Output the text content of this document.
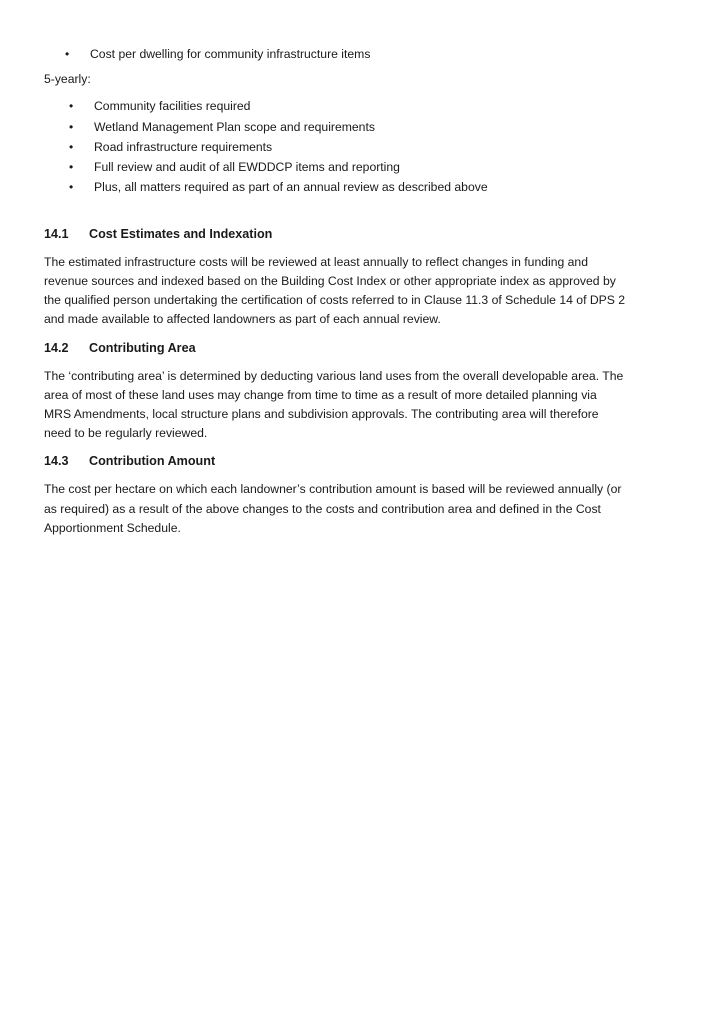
• Cost per dwelling for community infrastructure items

5-yearly:

• Community facilities required
• Wetland Management Plan scope and requirements
• Road infrastructure requirements
• Full review and audit of all EWDDCP items and reporting
• Plus, all matters required as part of an annual review as described above
14.1 Cost Estimates and Indexation

The estimated infrastructure costs will be reviewed at least annually to reflect changes in funding and
revenue sources and indexed based on the Building Cost Index or other appropriate index as approved by
the qualified person undertaking the certification of costs referred to in Clause 11.3 of Schedule 14 of DPS 2
and made available to affected landowners as part of each annual review.

14.2 Contributing Area

The ‘contributing area’ is determined by deducting various land uses from the overall developable area. The
area of most of these land uses may change from time to time as a result of more detailed planning via
MRS Amendments, local structure plans and subdivision approvals. The contributing area will therefore
need to be regularly reviewed.

14.3 Contribution Amount

The cost per hectare on which each landowner’s contribution amount is based will be reviewed annually (or
as required) as a result of the above changes to the costs and contribution area and defined in the Cost
Apportionment Schedule.
